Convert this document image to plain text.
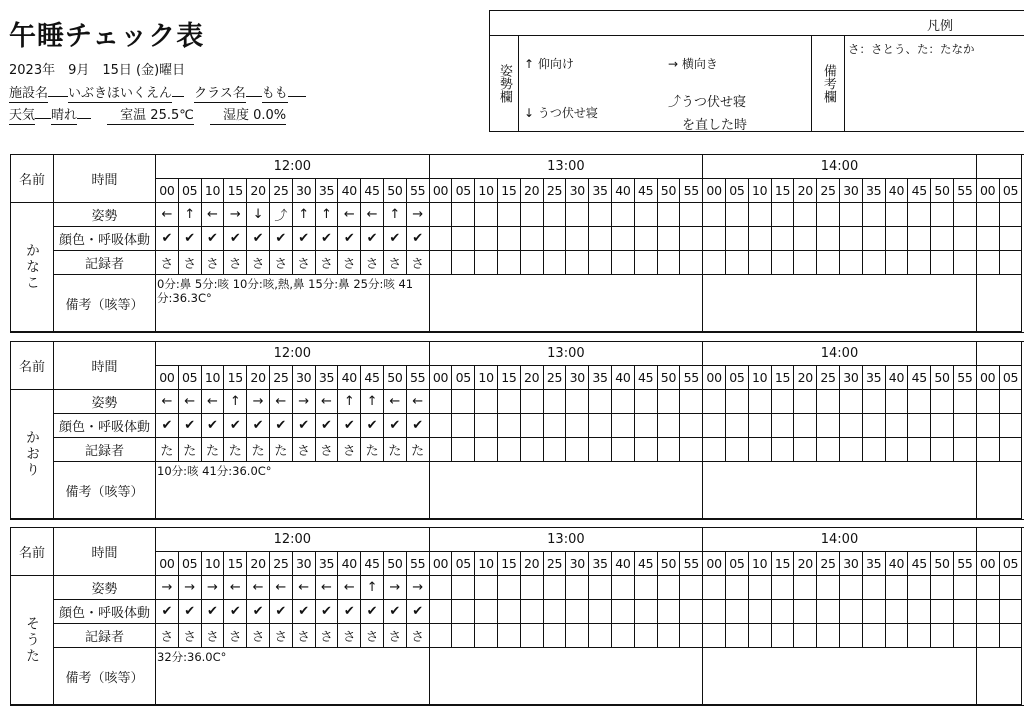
午睡チェック表
2023年　9月　15日 (金)曜日
施設名 いぶきほいくえん クラス名 もも
天気 晴れ  	室温 25.5℃   湿度 0.0%
凡例
姿勢欄	↑ 仰向け	→ 横向き
↓ うつ伏せ寝
⤴うつ伏せ寝
を直した時
備考欄
さ：さとう、た：たなか
名前	時間	12:00												13:00												14:00													
		00	05	10	15	20	25	30	35	40	45	50	55	00	05	10	15	20	25	30	35	40	45	50	55	00	05	10	15	20	25	30	35	40	45	50	55	00	05
かなこ	姿勢	←	↑	←	→	↓	⤴	↑	↑	←	←	↑	→																										
	顔色・呼吸体動	✔	✔	✔	✔	✔	✔	✔	✔	✔	✔	✔	✔																										
	記録者	さ	さ	さ	さ	さ	さ	さ	さ	さ	さ	さ	さ																										
	備考（咳等）	0分:鼻 5分:咳 10分:咳,熱,鼻 15分:鼻 25分:咳 41分:36.3C°																																					
名前	時間	12:00												13:00												14:00													
		00	05	10	15	20	25	30	35	40	45	50	55	00	05	10	15	20	25	30	35	40	45	50	55	00	05	10	15	20	25	30	35	40	45	50	55	00	05
かおり	姿勢	←	←	←	↑	→	←	→	←	↑	↑	←	←																										
	顔色・呼吸体動	✔	✔	✔	✔	✔	✔	✔	✔	✔	✔	✔	✔																										
	記録者	た	た	た	た	た	た	さ	さ	さ	た	た	た																										
	備考（咳等）	10分:咳 41分:36.0C°																																					
名前	時間	12:00												13:00												14:00													
		00	05	10	15	20	25	30	35	40	45	50	55	00	05	10	15	20	25	30	35	40	45	50	55	00	05	10	15	20	25	30	35	40	45	50	55	00	05
そうた	姿勢	→	→	→	←	←	←	←	←	←	↑	→	→																										
	顔色・呼吸体動	✔	✔	✔	✔	✔	✔	✔	✔	✔	✔	✔	✔																										
	記録者	さ	さ	さ	さ	さ	さ	さ	さ	さ	さ	さ	さ																										
	備考（咳等）	32分:36.0C°																																					
